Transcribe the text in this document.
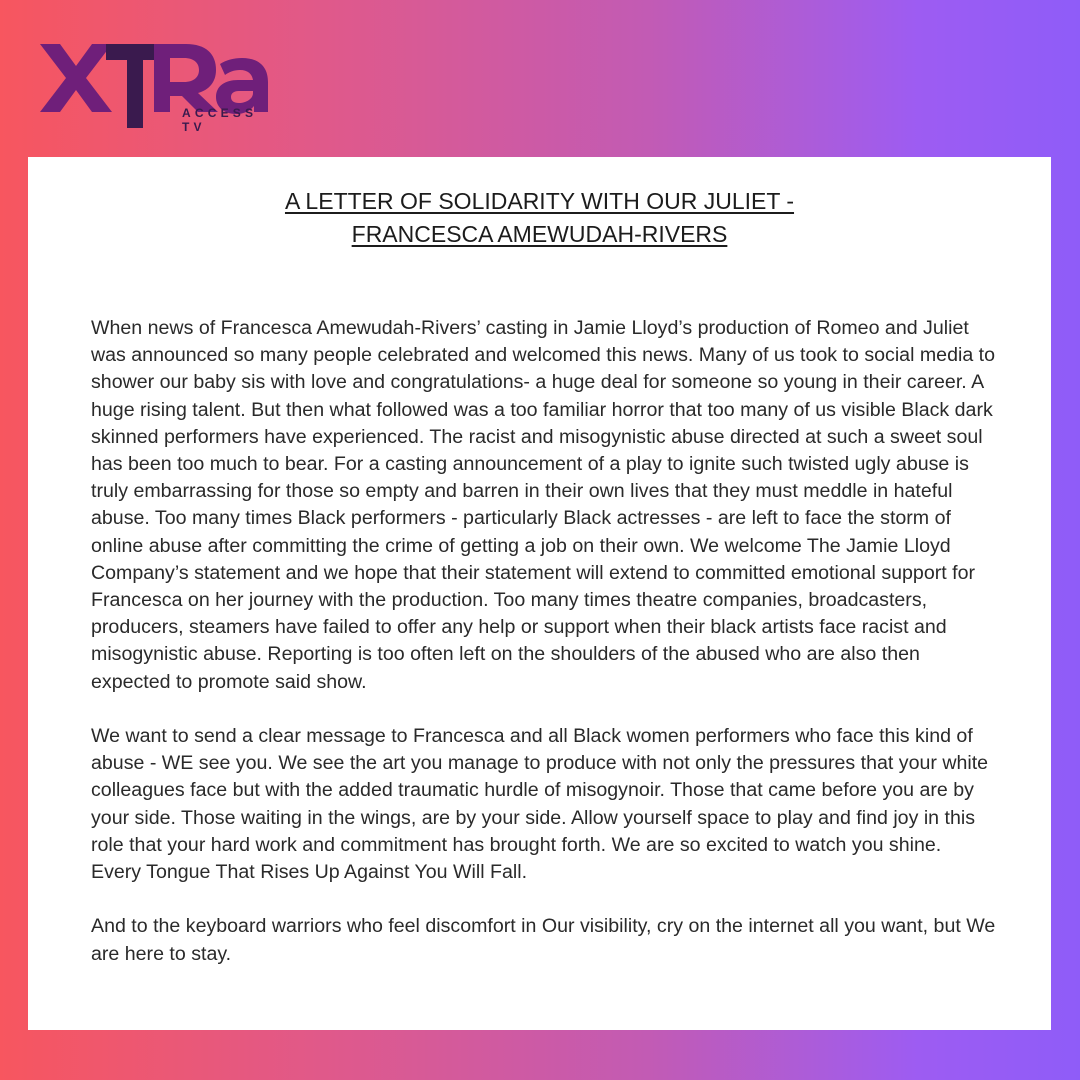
ACCESS TV
A LETTER OF SOLIDARITY WITH OUR JULIET -
FRANCESCA AMEWUDAH-RIVERS

When news of Francesca Amewudah-Rivers’ casting in Jamie Lloyd’s production of Romeo and Juliet was announced so many people celebrated and welcomed this news. Many of us took to social media to shower our baby sis with love and congratulations- a huge deal for someone so young in their career. A huge rising talent. But then what followed was a too familiar horror that too many of us visible Black dark skinned performers have experienced. The racist and misogynistic abuse directed at such a sweet soul has been too much to bear. For a casting announcement of a play to ignite such twisted ugly abuse is truly embarrassing for those so empty and barren in their own lives that they must meddle in hateful abuse. Too many times Black performers - particularly Black actresses - are left to face the storm of online abuse after committing the crime of getting a job on their own. We welcome The Jamie Lloyd Company’s statement and we hope that their statement will extend to committed emotional support for Francesca on her journey with the production. Too many times theatre companies, broadcasters, producers, steamers have failed to offer any help or support when their black artists face racist and misogynistic abuse. Reporting is too often left on the shoulders of the abused who are also then expected to promote said show.

We want to send a clear message to Francesca and all Black women performers who face this kind of abuse - WE see you. We see the art you manage to produce with not only the pressures that your white colleagues face but with the added traumatic hurdle of misogynoir. Those that came before you are by your side. Those waiting in the wings, are by your side. Allow yourself space to play and find joy in this role that your hard work and commitment has brought forth. We are so excited to watch you shine.

Every Tongue That Rises Up Against You Will Fall.

And to the keyboard warriors who feel discomfort in Our visibility, cry on the internet all you want, but We are here to stay.
